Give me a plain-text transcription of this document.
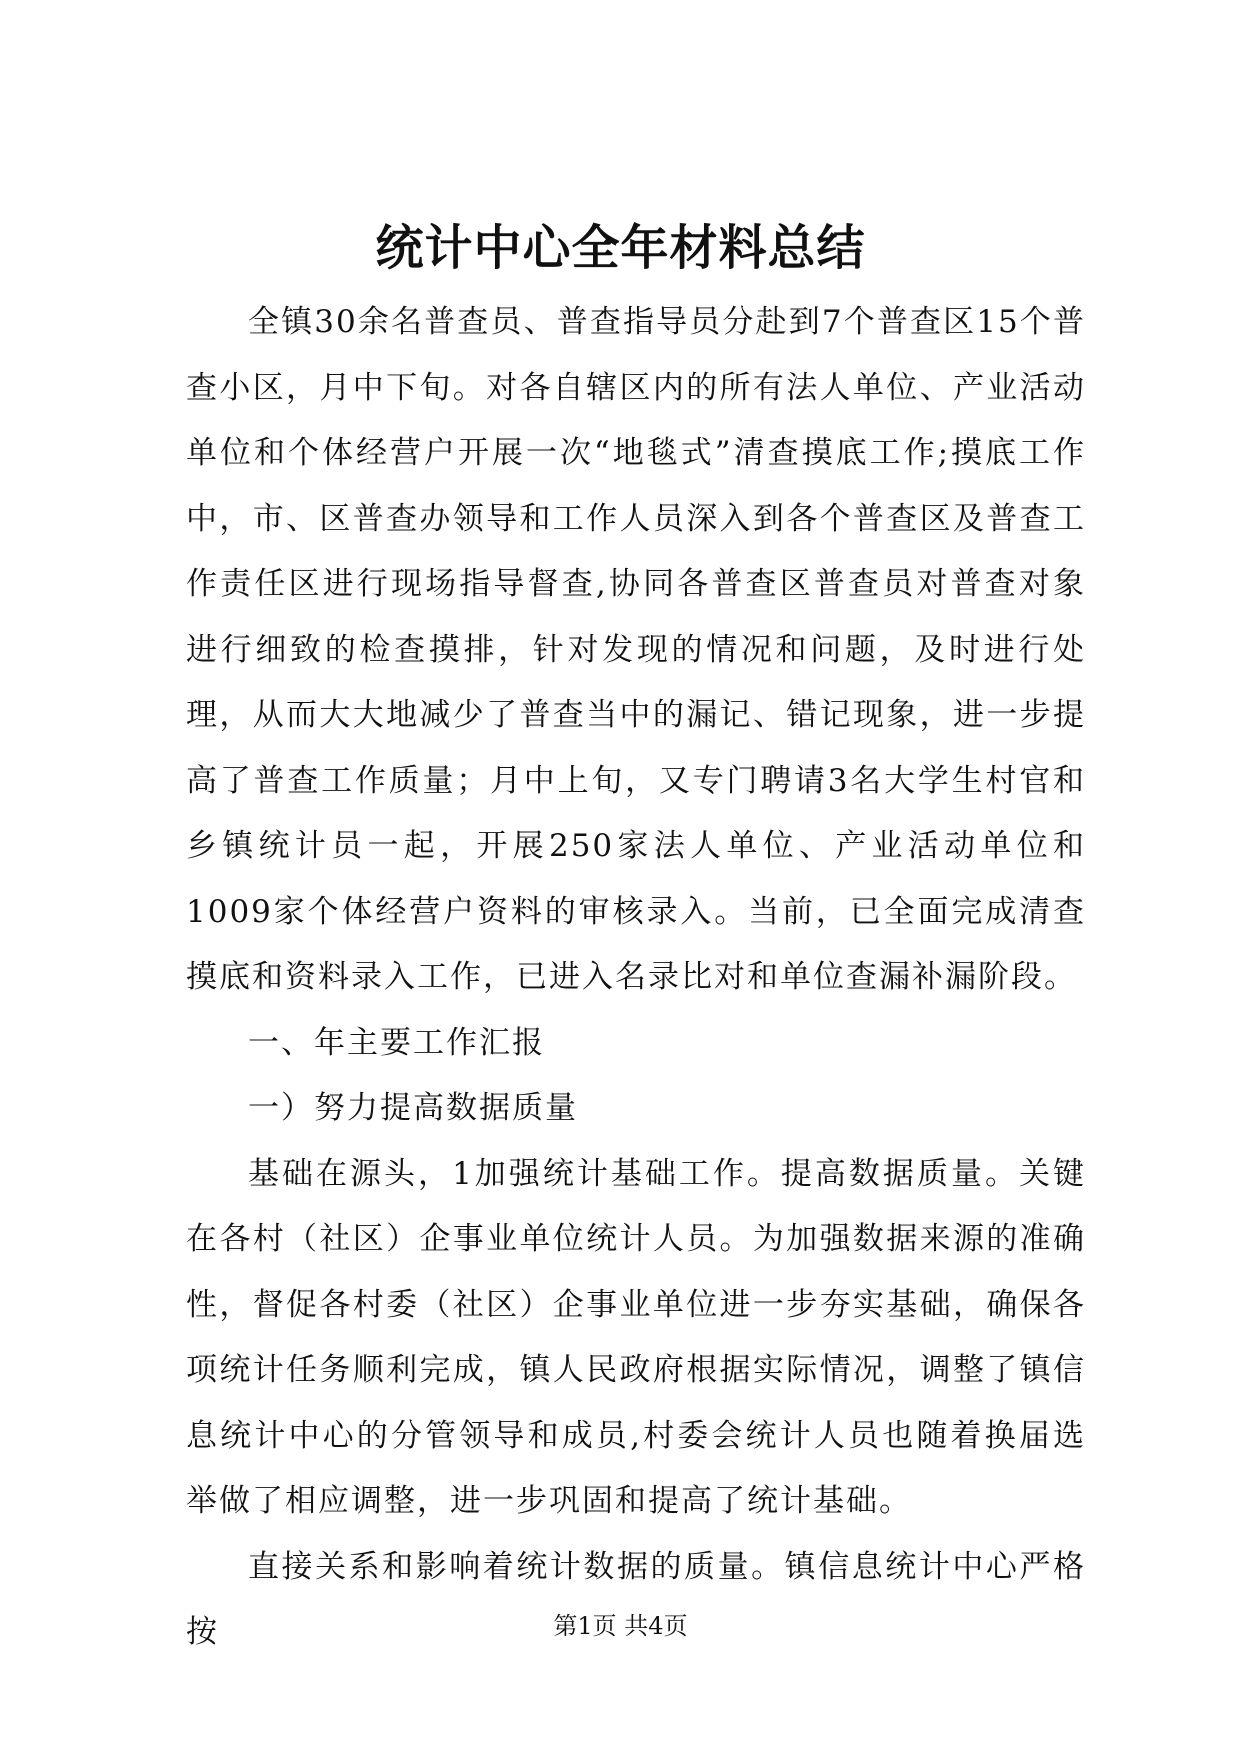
统计中心全年材料总结

全镇30余名普查员、普查指导员分赴到7个普查区15个普查小区，月中下旬。对各自辖区内的所有法人单位、产业活动单位和个体经营户开展一次“地毯式”清查摸底工作;摸底工作中，市、区普查办领导和工作人员深入到各个普查区及普查工作责任区进行现场指导督查,协同各普查区普查员对普查对象进行细致的检查摸排，针对发现的情况和问题，及时进行处理，从而大大地减少了普查当中的漏记、错记现象，进一步提高了普查工作质量；月中上旬，又专门聘请3名大学生村官和乡镇统计员一起，开展250家法人单位、产业活动单位和1009家个体经营户资料的审核录入。当前，已全面完成清查摸底和资料录入工作，已进入名录比对和单位查漏补漏阶段。

一、年主要工作汇报

一）努力提高数据质量

基础在源头，1加强统计基础工作。提高数据质量。关键在各村（社区）企事业单位统计人员。为加强数据来源的准确性，督促各村委（社区）企事业单位进一步夯实基础，确保各项统计任务顺利完成，镇人民政府根据实际情况，调整了镇信息统计中心的分管领导和成员,村委会统计人员也随着换届选举做了相应调整，进一步巩固和提高了统计基础。

直接关系和影响着统计数据的质量。镇信息统计中心严格按	第1页 共4页
